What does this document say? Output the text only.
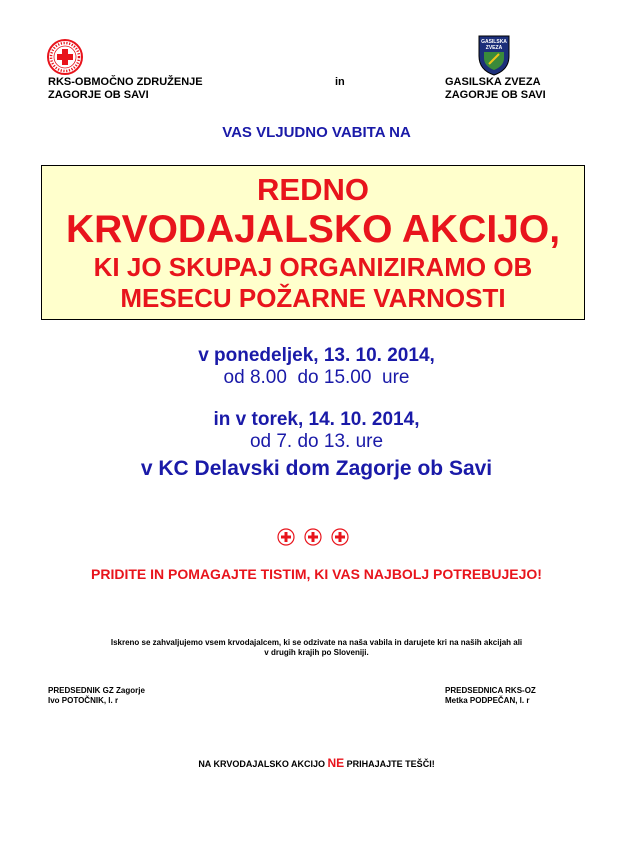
GASILSKA
ZVEZA
RKS-OBMOČNO ZDRUŽENJE
ZAGORJE OB SAVI
in	GASILSKA ZVEZA
ZAGORJE OB SAVI
VAS VLJUDNO VABITA NA
REDNO
KRVODAJALSKO AKCIJO,
KI JO SKUPAJ ORGANIZIRAMO OB
MESECU POŽARNE VARNOSTI
v ponedeljek, 13. 10. 2014,
od 8.00  do 15.00  ure
in v torek, 14. 10. 2014,
od 7. do 13. ure
v KC Delavski dom Zagorje ob Savi
PRIDITE IN POMAGAJTE TISTIM, KI VAS NAJBOLJ POTREBUJEJO!
Iskreno se zahvaljujemo vsem krvodajalcem, ki se odzivate na naša vabila in darujete kri na naših akcijah ali
v drugih krajih po Sloveniji.
PREDSEDNIK GZ Zagorje
Ivo POTOČNIK, l. r
PREDSEDNICA RKS-OZ
Metka PODPEČAN, l. r
NA KRVODAJALSKO AKCIJO NE PRIHAJAJTE TEŠČI!
